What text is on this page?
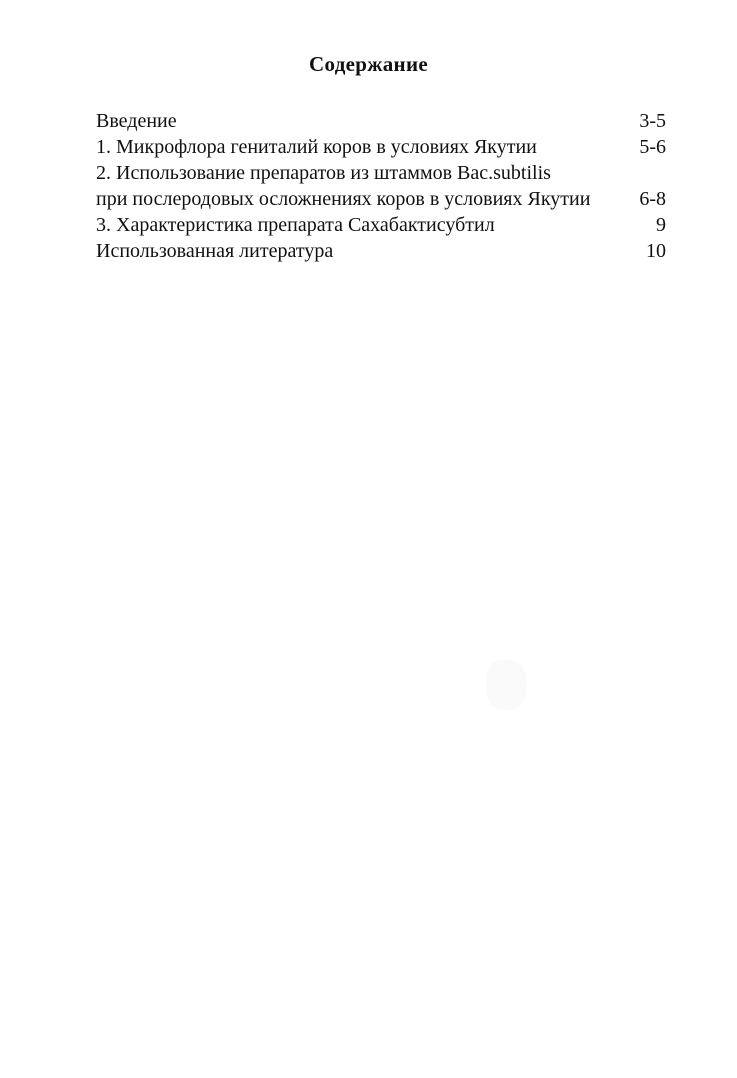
Содержание
Введение	3-5
1. Микрофлора гениталий коров в условиях Якутии	5-6
2. Использование препаратов из штаммов Bac.subtilis
при послеродовых осложнениях коров в условиях Якутии	6-8
3. Характеристика препарата Сахабактисубтил	9
Использованная литература	10
